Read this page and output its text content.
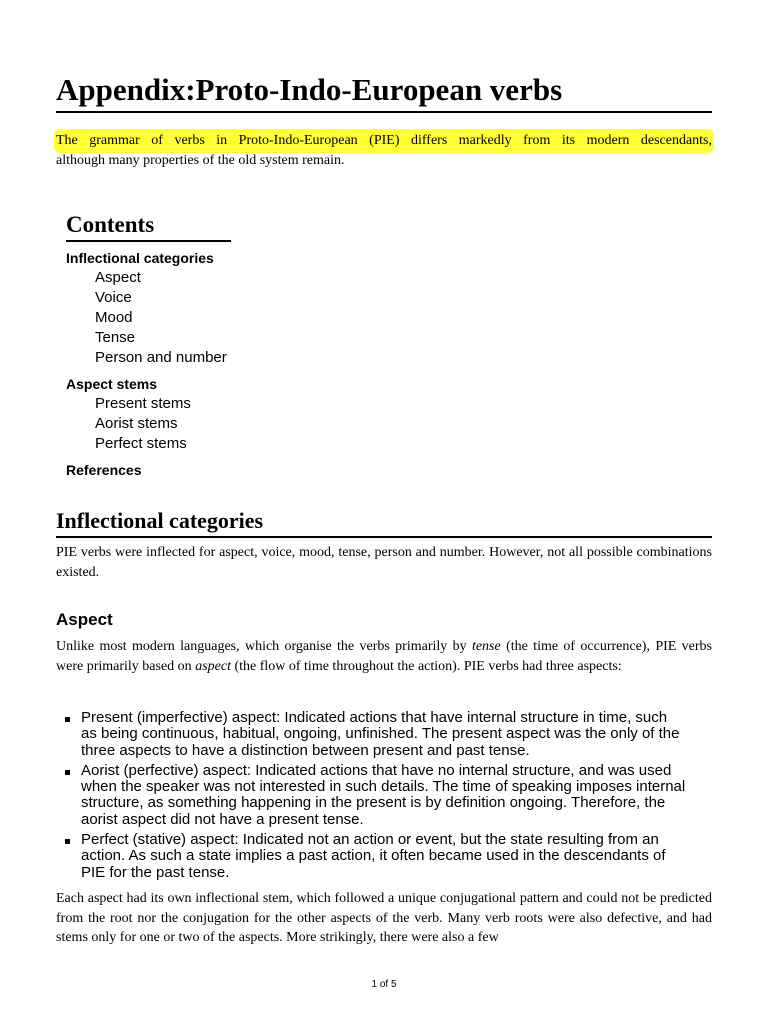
Appendix:Proto-Indo-European verbs

The grammar of verbs in Proto-Indo-European (PIE) differs markedly from its modern descendants,
although many properties of the old system remain.

Contents
Inflectional categories
Aspect
Voice
Mood
Tense
Person and number
Aspect stems
Present stems
Aorist stems
Perfect stems
References
Inflectional categories

PIE verbs were inflected for aspect, voice, mood, tense, person and number. However, not all possible combinations existed.

Aspect

Unlike most modern languages, which organise the verbs primarily by tense (the time of occurrence), PIE verbs were primarily based on aspect (the flow of time throughout the action). PIE verbs had three aspects:

Present (imperfective) aspect: Indicated actions that have internal structure in time, such as being continuous, habitual, ongoing, unfinished. The present aspect was the only of the three aspects to have a distinction between present and past tense.
Aorist (perfective) aspect: Indicated actions that have no internal structure, and was used when the speaker was not interested in such details. The time of speaking imposes internal structure, as something happening in the present is by definition ongoing. Therefore, the aorist aspect did not have a present tense.
Perfect (stative) aspect: Indicated not an action or event, but the state resulting from an action. As such a state implies a past action, it often became used in the descendants of PIE for the past tense.

Each aspect had its own inflectional stem, which followed a unique conjugational pattern and could not be predicted from the root nor the conjugation for the other aspects of the verb. Many verb roots were also defective, and had stems only for one or two of the aspects. More strikingly, there were also a few

1 of 5
